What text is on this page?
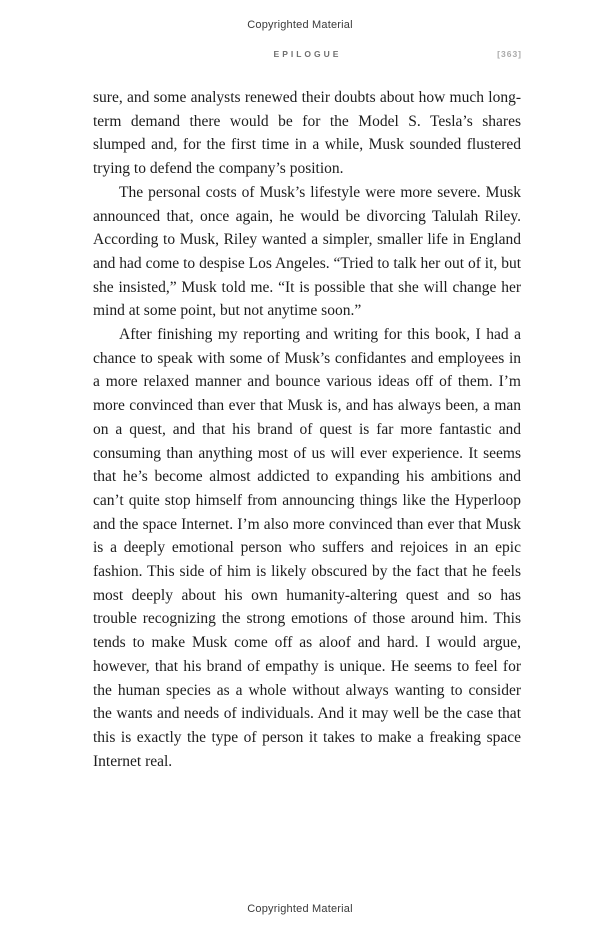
Copyrighted Material
EPILOGUE	[363]

sure, and some analysts renewed their doubts about how much long-term demand there would be for the Model S. Tesla’s shares slumped and, for the first time in a while, Musk sounded flustered trying to defend the company’s position.

The personal costs of Musk’s lifestyle were more severe. Musk announced that, once again, he would be divorcing Talulah Riley. According to Musk, Riley wanted a simpler, smaller life in England and had come to despise Los Angeles. “Tried to talk her out of it, but she insisted,” Musk told me. “It is possible that she will change her mind at some point, but not anytime soon.”

After finishing my reporting and writing for this book, I had a chance to speak with some of Musk’s confidantes and employees in a more relaxed manner and bounce various ideas off of them. I’m more convinced than ever that Musk is, and has always been, a man on a quest, and that his brand of quest is far more fantastic and consuming than anything most of us will ever experience. It seems that he’s become almost addicted to expanding his ambitions and can’t quite stop himself from announcing things like the Hyperloop and the space Internet. I’m also more convinced than ever that Musk is a deeply emotional person who suffers and rejoices in an epic fashion. This side of him is likely obscured by the fact that he feels most deeply about his own humanity-altering quest and so has trouble recognizing the strong emotions of those around him. This tends to make Musk come off as aloof and hard. I would argue, however, that his brand of empathy is unique. He seems to feel for the human species as a whole without always wanting to consider the wants and needs of individuals. And it may well be the case that this is exactly the type of person it takes to make a freaking space Internet real.

Copyrighted Material
